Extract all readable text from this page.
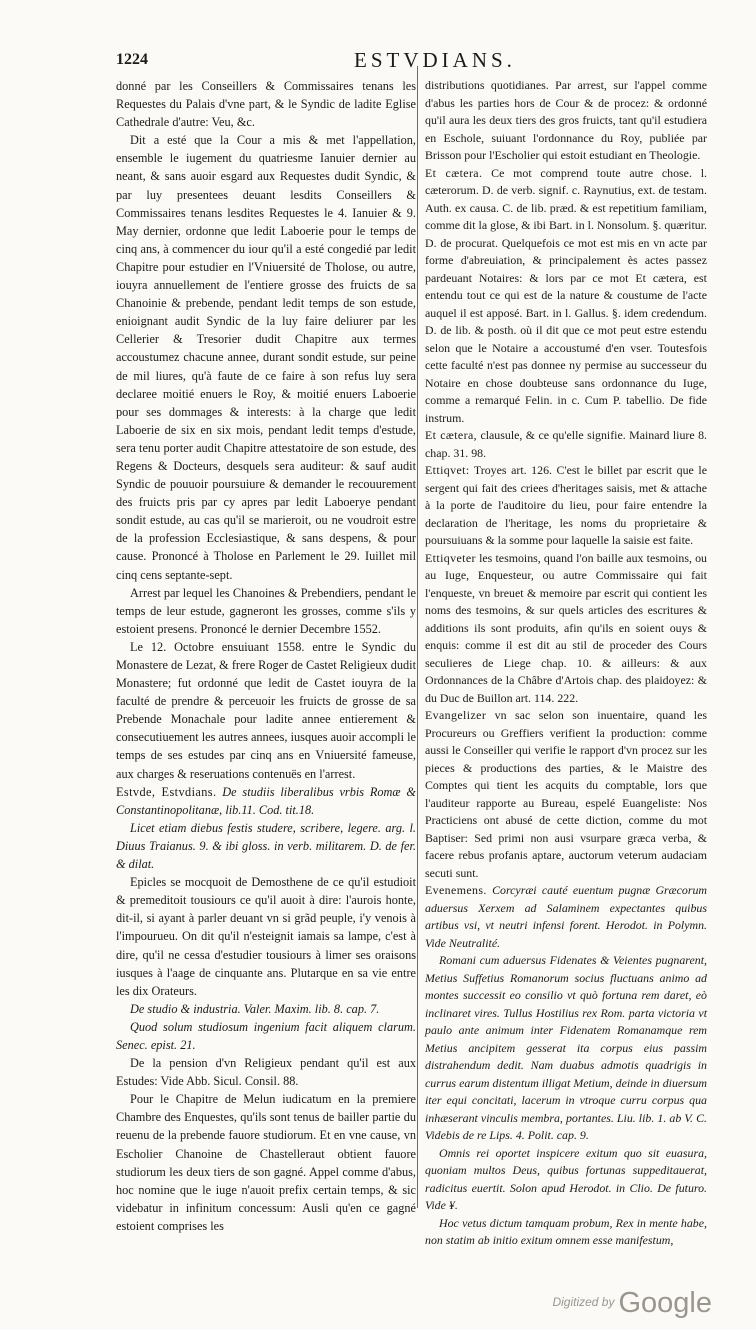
1224	ESTVDIANS.

donné par les Conseillers & Commissaires tenans les Requestes du Palais d'vne part, & le Syndic de ladite Eglise Cathedrale d'autre: Veu, &c.

Dit a esté que la Cour a mis & met l'appellation, ensemble le iugement du quatriesme Ianuier dernier au neant, & sans auoir esgard aux Requestes dudit Syndic, & par luy presentees deuant lesdits Conseillers & Commissaires tenans lesdites Requestes le 4. Ianuier & 9. May dernier, ordonne que ledit Laboerie pour le temps de cinq ans, à commencer du iour qu'il a esté congedié par ledit Chapitre pour estudier en l'Vniuersité de Tholose, ou autre, iouyra annuellement de l'entiere grosse des fruicts de sa Chanoinie & prebende, pendant ledit temps de son estude, enioignant audit Syndic de la luy faire deliurer par les Cellerier & Tresorier dudit Chapitre aux termes accoustumez chacune annee, durant sondit estude, sur peine de mil liures, qu'à faute de ce faire à son refus luy sera declaree moitié enuers le Roy, & moitié enuers Laboerie pour ses dommages & interests: à la charge que ledit Laboerie de six en six mois, pendant ledit temps d'estude, sera tenu porter audit Chapitre attestatoire de son estude, des Regens & Docteurs, desquels sera auditeur: & sauf audit Syndic de pouuoir poursuiure & demander le recouurement des fruicts pris par cy apres par ledit Laboerye pendant sondit estude, au cas qu'il se marieroit, ou ne voudroit estre de la profession Ecclesiastique, & sans despens, & pour cause. Prononcé à Tholose en Parlement le 29. Iuillet mil cinq cens septante-sept.

Arrest par lequel les Chanoines & Prebendiers, pendant le temps de leur estude, gagneront les grosses, comme s'ils y estoient presens. Prononcé le dernier Decembre 1552.

Le 12. Octobre ensuiuant 1558. entre le Syndic du Monastere de Lezat, & frere Roger de Castet Religieux dudit Monastere; fut ordonné que ledit de Castet iouyra de la faculté de prendre & perceuoir les fruicts de grosse de sa Prebende Monachale pour ladite annee entierement & consecutiuement les autres annees, iusques auoir accompli le temps de ses estudes par cinq ans en Vniuersité fameuse, aux charges & reseruations contenuës en l'arrest.

Estvde, Estvdians. De studiis liberalibus vrbis Romæ & Constantinopolitanæ, lib.11. Cod. tit.18.

Licet etiam diebus festis studere, scribere, legere. arg. l. Diuus Traianus. 9. & ibi gloss. in verb. militarem. D. de fer. & dilat.

Epicles se mocquoit de Demosthene de ce qu'il estudioit & premeditoit tousiours ce qu'il auoit à dire: l'aurois honte, dit-il, si ayant à parler deuant vn si grãd peuple, i'y venois à l'impourueu. On dit qu'il n'esteignit iamais sa lampe, c'est à dire, qu'il ne cessa d'estudier tousiours à limer ses oraisons iusques à l'aage de cinquante ans. Plutarque en sa vie entre les dix Orateurs.

De studio & industria. Valer. Maxim. lib. 8. cap. 7.

Quod solum studiosum ingenium facit aliquem clarum. Senec. epist. 21.

De la pension d'vn Religieux pendant qu'il est aux Estudes: Vide Abb. Sicul. Consil. 88.

Pour le Chapitre de Melun iudicatum en la premiere Chambre des Enquestes, qu'ils sont tenus de bailler partie du reuenu de la prebende fauore studiorum. Et en vne cause, vn Escholier Chanoine de Chastelleraut obtient fauore studiorum les deux tiers de son gagné. Appel comme d'abus, hoc nomine que le iuge n'auoit prefix certain temps, & sic videbatur in infinitum concessum: Ausli qu'en ce gagné estoient comprises les

distributions quotidianes. Par arrest, sur l'appel comme d'abus les parties hors de Cour & de procez: & ordonné qu'il aura les deux tiers des gros fruicts, tant qu'il estudiera en Eschole, suiuant l'ordonnance du Roy, publiée par Brisson pour l'Escholier qui estoit estudiant en Theologie.

Et cætera. Ce mot comprend toute autre chose. l. cæterorum. D. de verb. signif. c. Raynutius, ext. de testam. Auth. ex causa. C. de lib. præd. & est repetitium familiam, comme dit la glose, & ibi Bart. in l. Nonsolum. §. quæritur. D. de procurat. Quelquefois ce mot est mis en vn acte par forme d'abreuiation, & principalement ès actes passez pardeuant Notaires: & lors par ce mot Et cætera, est entendu tout ce qui est de la nature & coustume de l'acte auquel il est apposé. Bart. in l. Gallus. §. idem credendum. D. de lib. & posth. où il dit que ce mot peut estre estendu selon que le Notaire a accoustumé d'en vser. Toutesfois cette faculté n'est pas donnee ny permise au successeur du Notaire en chose doubteuse sans ordonnance du Iuge, comme a remarqué Felin. in c. Cum P. tabellio. De fide instrum.

Et cætera, clausule, & ce qu'elle signifie. Mainard liure 8. chap. 31. 98.

Ettiqvet: Troyes art. 126. C'est le billet par escrit que le sergent qui fait des criees d'heritages saisis, met & attache à la porte de l'auditoire du lieu, pour faire entendre la declaration de l'heritage, les noms du proprietaire & poursuiuans & la somme pour laquelle la saisie est faite.

Ettiqveter les tesmoins, quand l'on baille aux tesmoins, ou au Iuge, Enquesteur, ou autre Commissaire qui fait l'enqueste, vn breuet & memoire par escrit qui contient les noms des tesmoins, & sur quels articles des escritures & additions ils sont produits, afin qu'ils en soient ouys & enquis: comme il est dit au stil de proceder des Cours seculieres de Liege chap. 10. & ailleurs: & aux Ordonnances de la Châbre d'Artois chap. des plaidoyez: & du Duc de Buillon art. 114. 222.

Evangelizer vn sac selon son inuentaire, quand les Procureurs ou Greffiers verifient la production: comme aussi le Conseiller qui verifie le rapport d'vn procez sur les pieces & productions des parties, & le Maistre des Comptes qui tient les acquits du comptable, lors que l'auditeur rapporte au Bureau, espelé Euangeliste: Nos Practiciens ont abusé de cette diction, comme du mot Baptiser: Sed primi non ausi vsurpare græca verba, & facere rebus profanis aptare, auctorum veterum audaciam secuti sunt.

Evenemens. Corcyræi cauté euentum pugnæ Græcorum aduersus Xerxem ad Salaminem expectantes quibus artibus vsi, vt neutri infensi forent. Herodot. in Polymn. Vide Neutralité.

Romani cum aduersus Fidenates & Veientes pugnarent, Metius Suffetius Romanorum socius fluctuans animo ad montes successit eo consilio vt quò fortuna rem daret, eò inclinaret vires. Tullus Hostilius rex Rom. parta victoria vt paulo ante animum inter Fidenatem Romanamque rem Metius ancipitem gesserat ita corpus eius passim distrahendum dedit. Nam duabus admotis quadrigis in currus earum distentum illigat Metium, deinde in diuersum iter equi concitati, lacerum in vtroque curru corpus qua inhæserant vinculis membra, portantes. Liu. lib. 1. ab V. C. Videbis de re Lips. 4. Polit. cap. 9.

Omnis rei oportet inspicere exitum quo sit euasura, quoniam multos Deus, quibus fortunas suppeditauerat, radicitus euertit. Solon apud Herodot. in Clio. De futuro. Vide ¥.

Hoc vetus dictum tamquam probum, Rex in mente habe, non statim ab initio exitum omnem esse manifestum,

$^{Digitized by}$ Google
